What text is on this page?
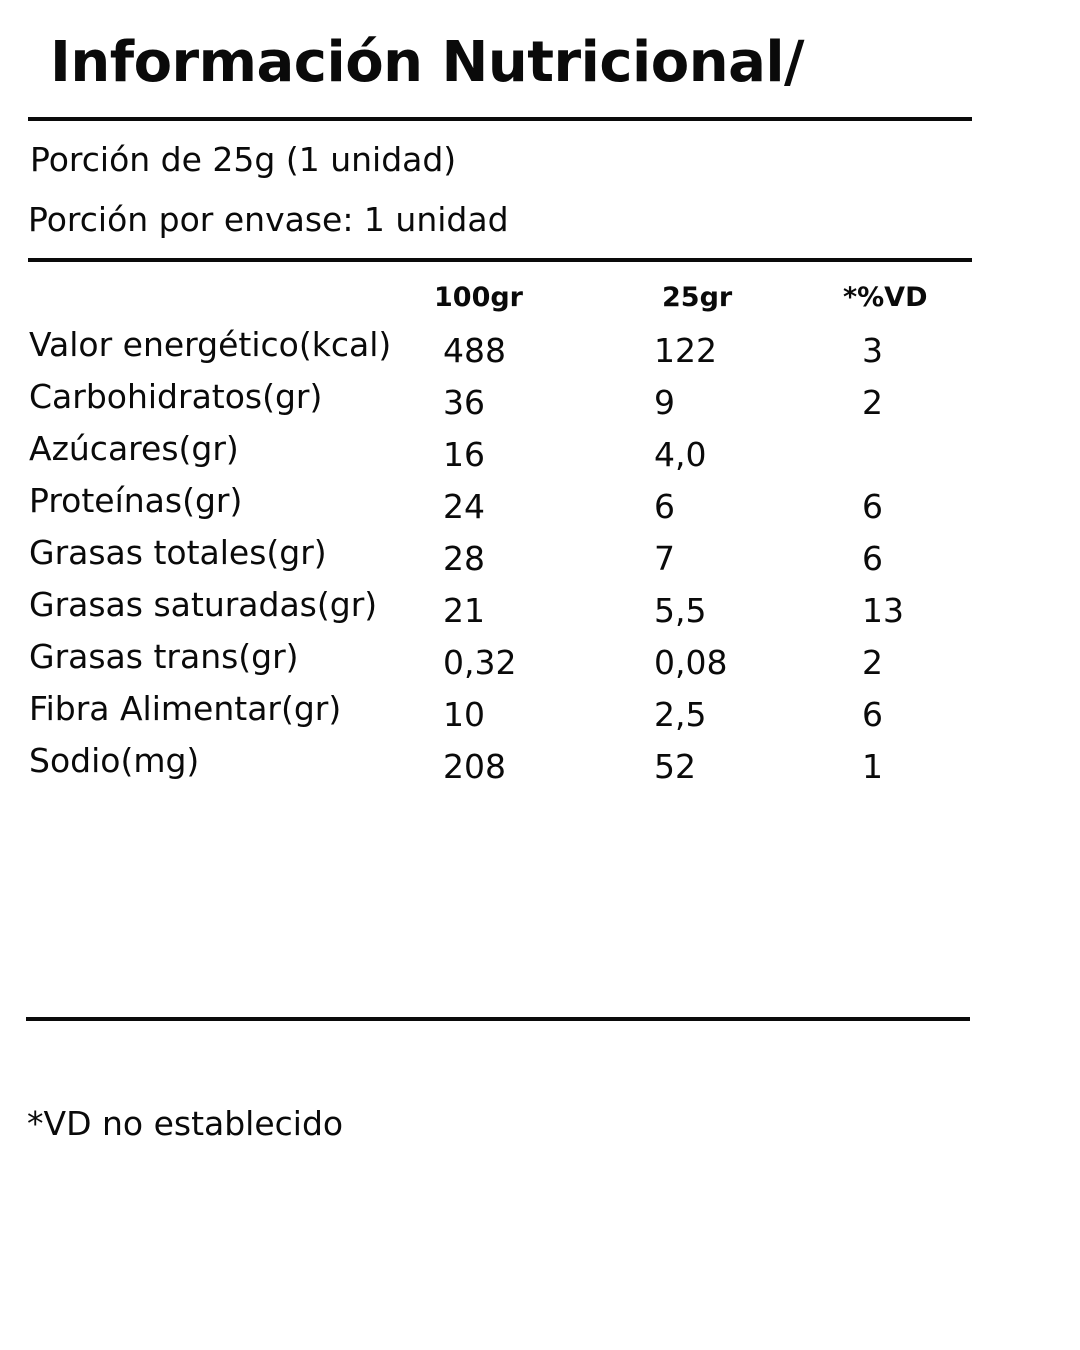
Información Nutricional/
Porción de 25g (1 unidad)
Porción por envase: 1 unidad
100gr	25gr	*%VD
Valor energético(kcal) 488	122	3
Carbohidratos(gr)	36	9	2
Azúcares(gr)	16	4,0
Proteínas(gr)	24	6	6
Grasas totales(gr)	28	7	6
Grasas saturadas(gr) 21	5,5	13
Grasas trans(gr)	0,32	0,08	2
Fibra Alimentar(gr)	10	2,5	6
Sodio(mg)	208	52	1
*VD no establecido
